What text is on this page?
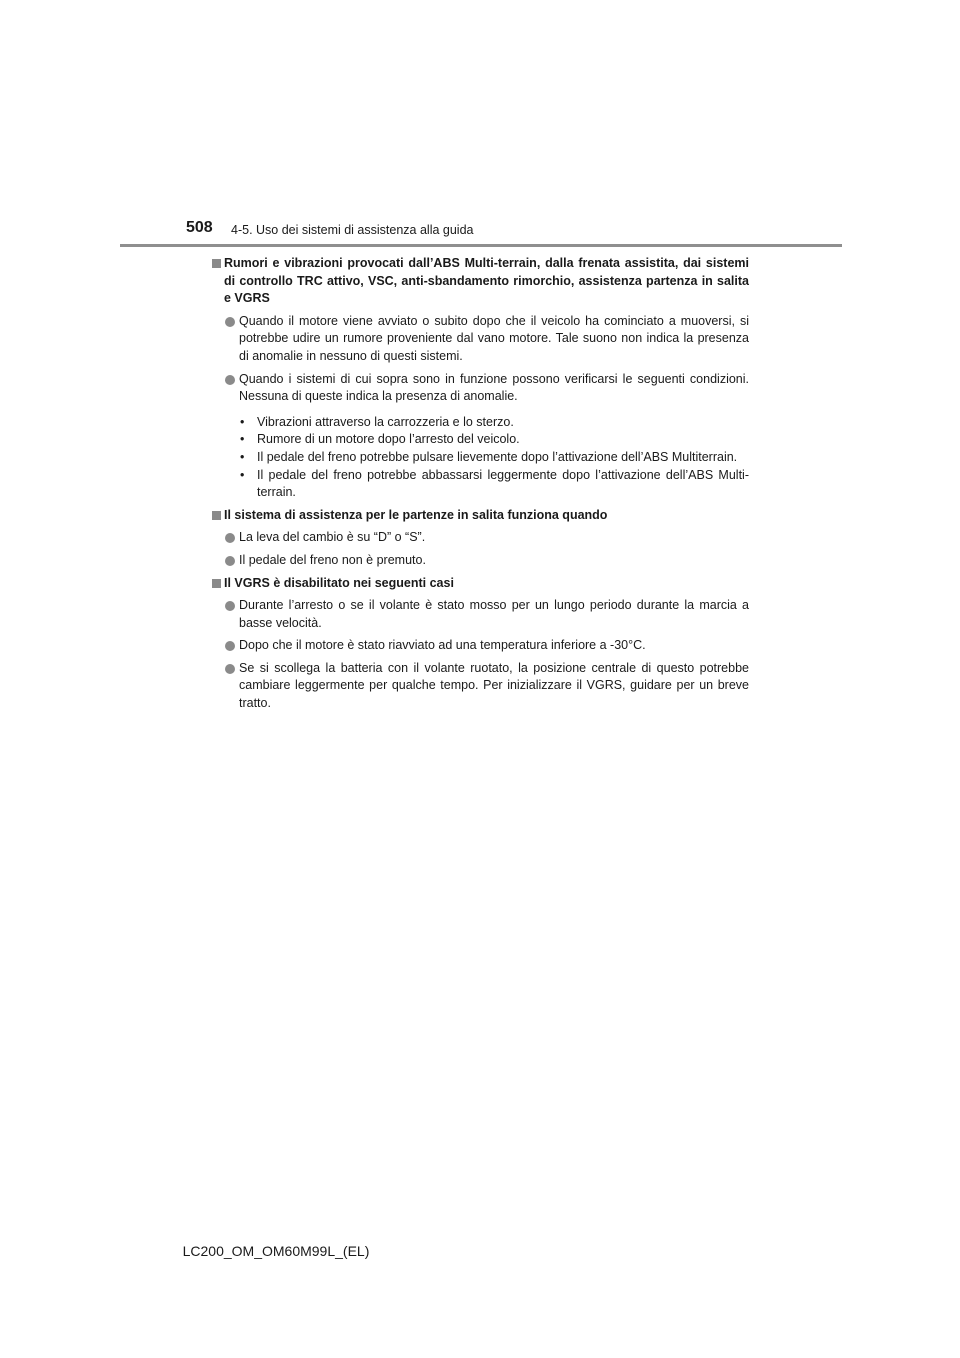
508 4-5. Uso dei sistemi di assistenza alla guida
Rumori e vibrazioni provocati dall’ABS Multi-terrain, dalla frenata assistita, dai sistemi di controllo TRC attivo, VSC, anti-sbandamento rimorchio, assistenza partenza in salita e VGRS
Quando il motore viene avviato o subito dopo che il veicolo ha cominciato a muoversi, si potrebbe udire un rumore proveniente dal vano motore. Tale suono non indica la presenza di anomalie in nessuno di questi sistemi.
Quando i sistemi di cui sopra sono in funzione possono verificarsi le seguenti condizioni. Nessuna di queste indica la presenza di anomalie.
• Vibrazioni attraverso la carrozzeria e lo sterzo.
• Rumore di un motore dopo l’arresto del veicolo.
• Il pedale del freno potrebbe pulsare lievemente dopo l’attivazione dell’ABS Multiterrain.
• Il pedale del freno potrebbe abbassarsi leggermente dopo l’attivazione dell’ABS Multi-terrain.
Il sistema di assistenza per le partenze in salita funziona quando
La leva del cambio è su “D” o “S”.
Il pedale del freno non è premuto.
Il VGRS è disabilitato nei seguenti casi
Durante l’arresto o se il volante è stato mosso per un lungo periodo durante la marcia a basse velocità.
Dopo che il motore è stato riavviato ad una temperatura inferiore a -30°C.
Se si scollega la batteria con il volante ruotato, la posizione centrale di questo potrebbe cambiare leggermente per qualche tempo. Per inizializzare il VGRS, guidare per un breve tratto.
LC200_OM_OM60M99L_(EL)
